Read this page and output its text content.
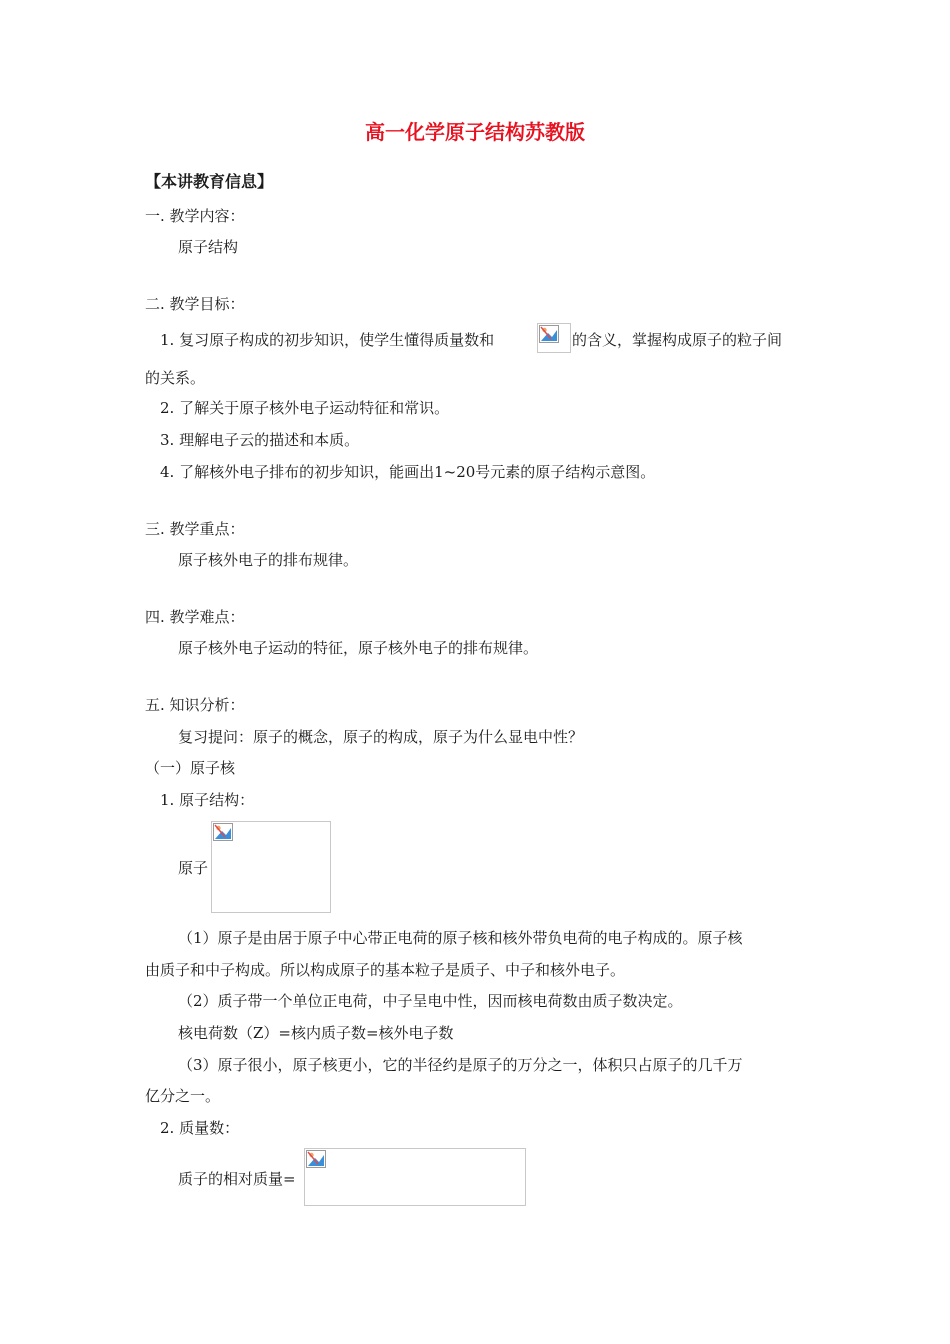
高一化学原子结构苏教版
【本讲教育信息】
一. 教学内容：
原子结构
二. 教学目标：
1. 复习原子构成的初步知识，使学生懂得质量数和	的含义，掌握构成原子的粒子间
的关系。
2. 了解关于原子核外电子运动特征和常识。
3. 理解电子云的描述和本质。
4. 了解核外电子排布的初步知识，能画出1~20号元素的原子结构示意图。
三. 教学重点：
原子核外电子的排布规律。
四. 教学难点：
原子核外电子运动的特征，原子核外电子的排布规律。
五. 知识分析：
复习提问：原子的概念，原子的构成，原子为什么显电中性？
（一）原子核
1. 原子结构：
原子
（1）原子是由居于原子中心带正电荷的原子核和核外带负电荷的电子构成的。原子核
由质子和中子构成。所以构成原子的基本粒子是质子、中子和核外电子。
（2）质子带一个单位正电荷，中子呈电中性，因而核电荷数由质子数决定。
核电荷数（Z）=核内质子数=核外电子数
（3）原子很小，原子核更小，它的半径约是原子的万分之一，体积只占原子的几千万
亿分之一。
2. 质量数：
质子的相对质量=
